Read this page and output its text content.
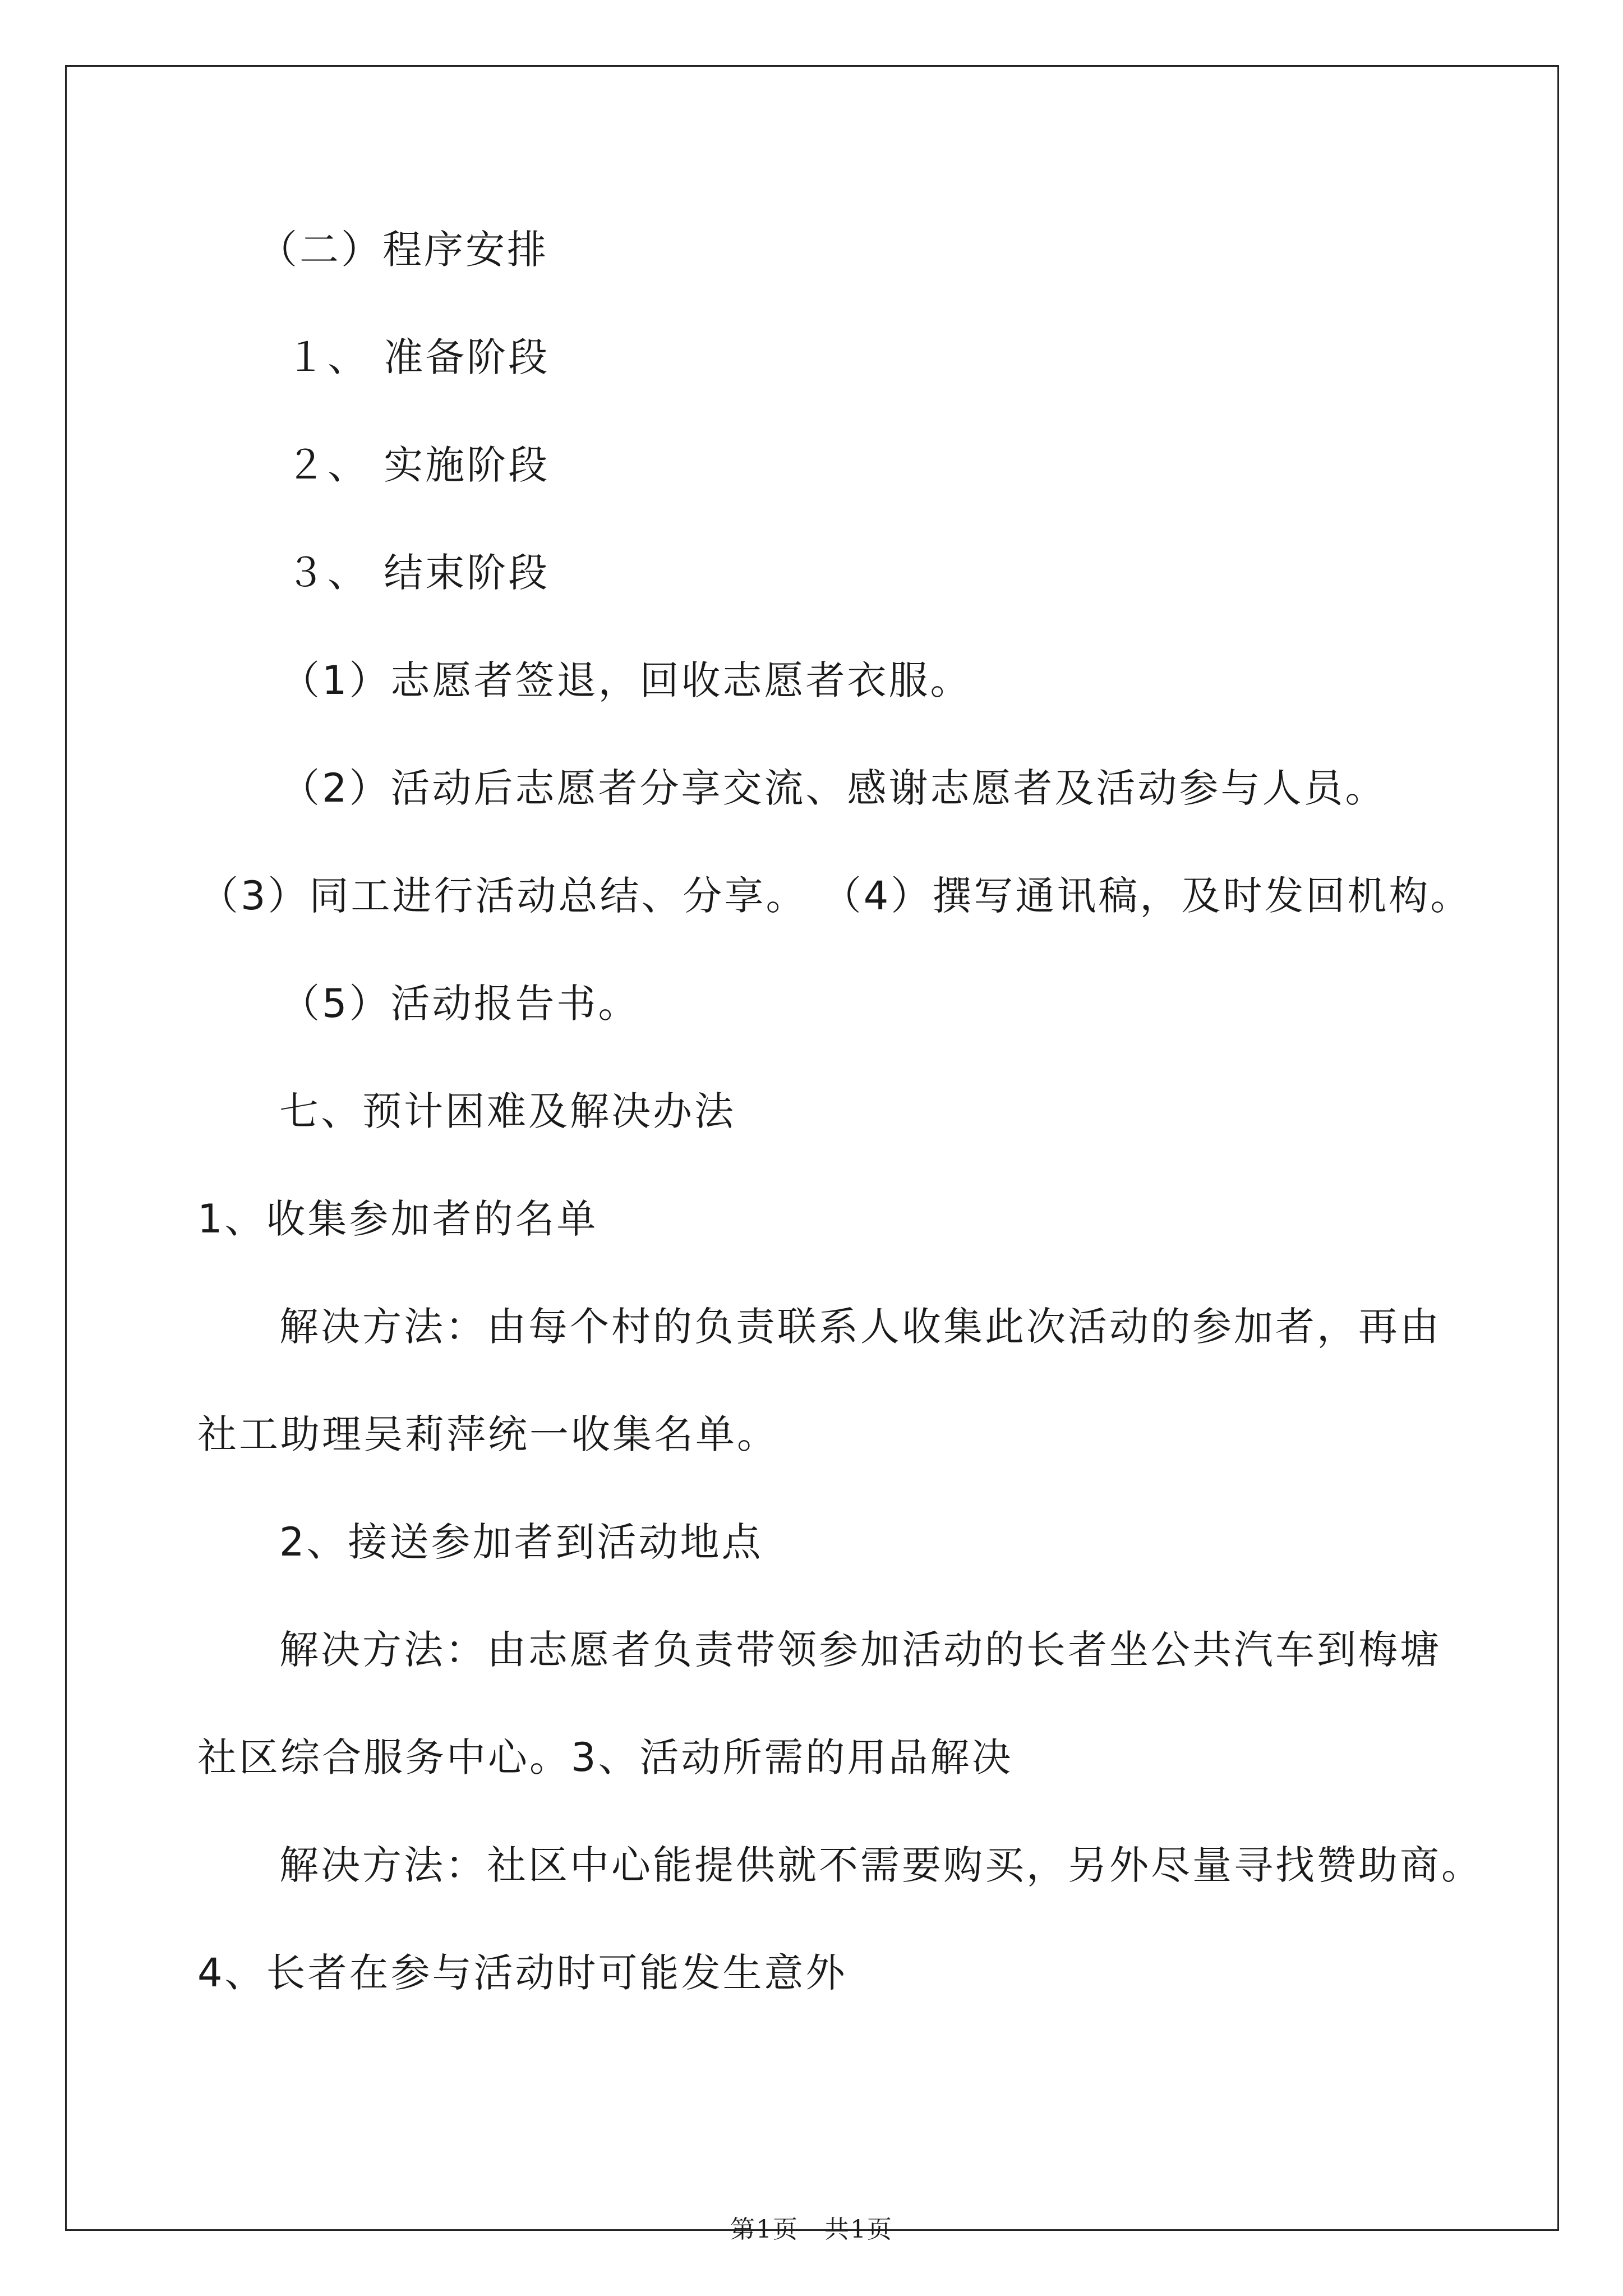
（二）程序安排
１、 准备阶段
２、 实施阶段
３、 结束阶段
（1）志愿者签退，回收志愿者衣服。
（2）活动后志愿者分享交流、感谢志愿者及活动参与人员。
（3）同工进行活动总结、分享。 （4）撰写通讯稿，及时发回机构。
（5）活动报告书。
七、预计困难及解决办法
1、收集参加者的名单
解决方法：由每个村的负责联系人收集此次活动的参加者，再由
社工助理吴莉萍统一收集名单。
2、接送参加者到活动地点
解决方法：由志愿者负责带领参加活动的长者坐公共汽车到梅塘
社区综合服务中心。3、活动所需的用品解决
解决方法：社区中心能提供就不需要购买，另外尽量寻找赞助商。
4、长者在参与活动时可能发生意外
第1页　共1页
